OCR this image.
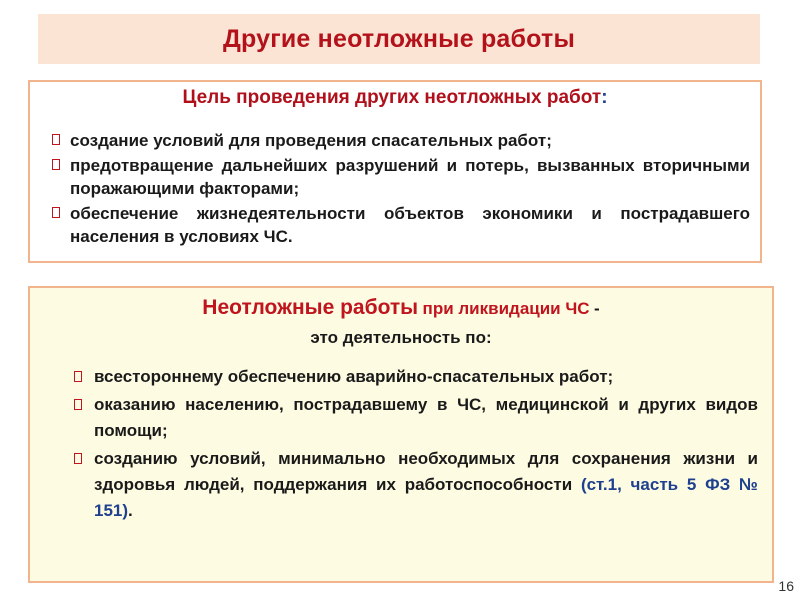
Другие неотложные работы
Цель проведения других неотложных работ:
создание условий для проведения спасательных работ;
предотвращение дальнейших разрушений и потерь, вызванных вторичными поражающими факторами;
обеспечение жизнедеятельности объектов экономики и пострадавшего населения в условиях ЧС.
Неотложные работы при ликвидации ЧС -
это деятельность по:
всестороннему обеспечению аварийно-спасательных работ;
оказанию населению, пострадавшему в ЧС, медицинской и других видов помощи;
созданию условий, минимально необходимых для сохранения жизни и здоровья людей, поддержания их работоспособности (ст.1, часть 5 ФЗ № 151).
16
